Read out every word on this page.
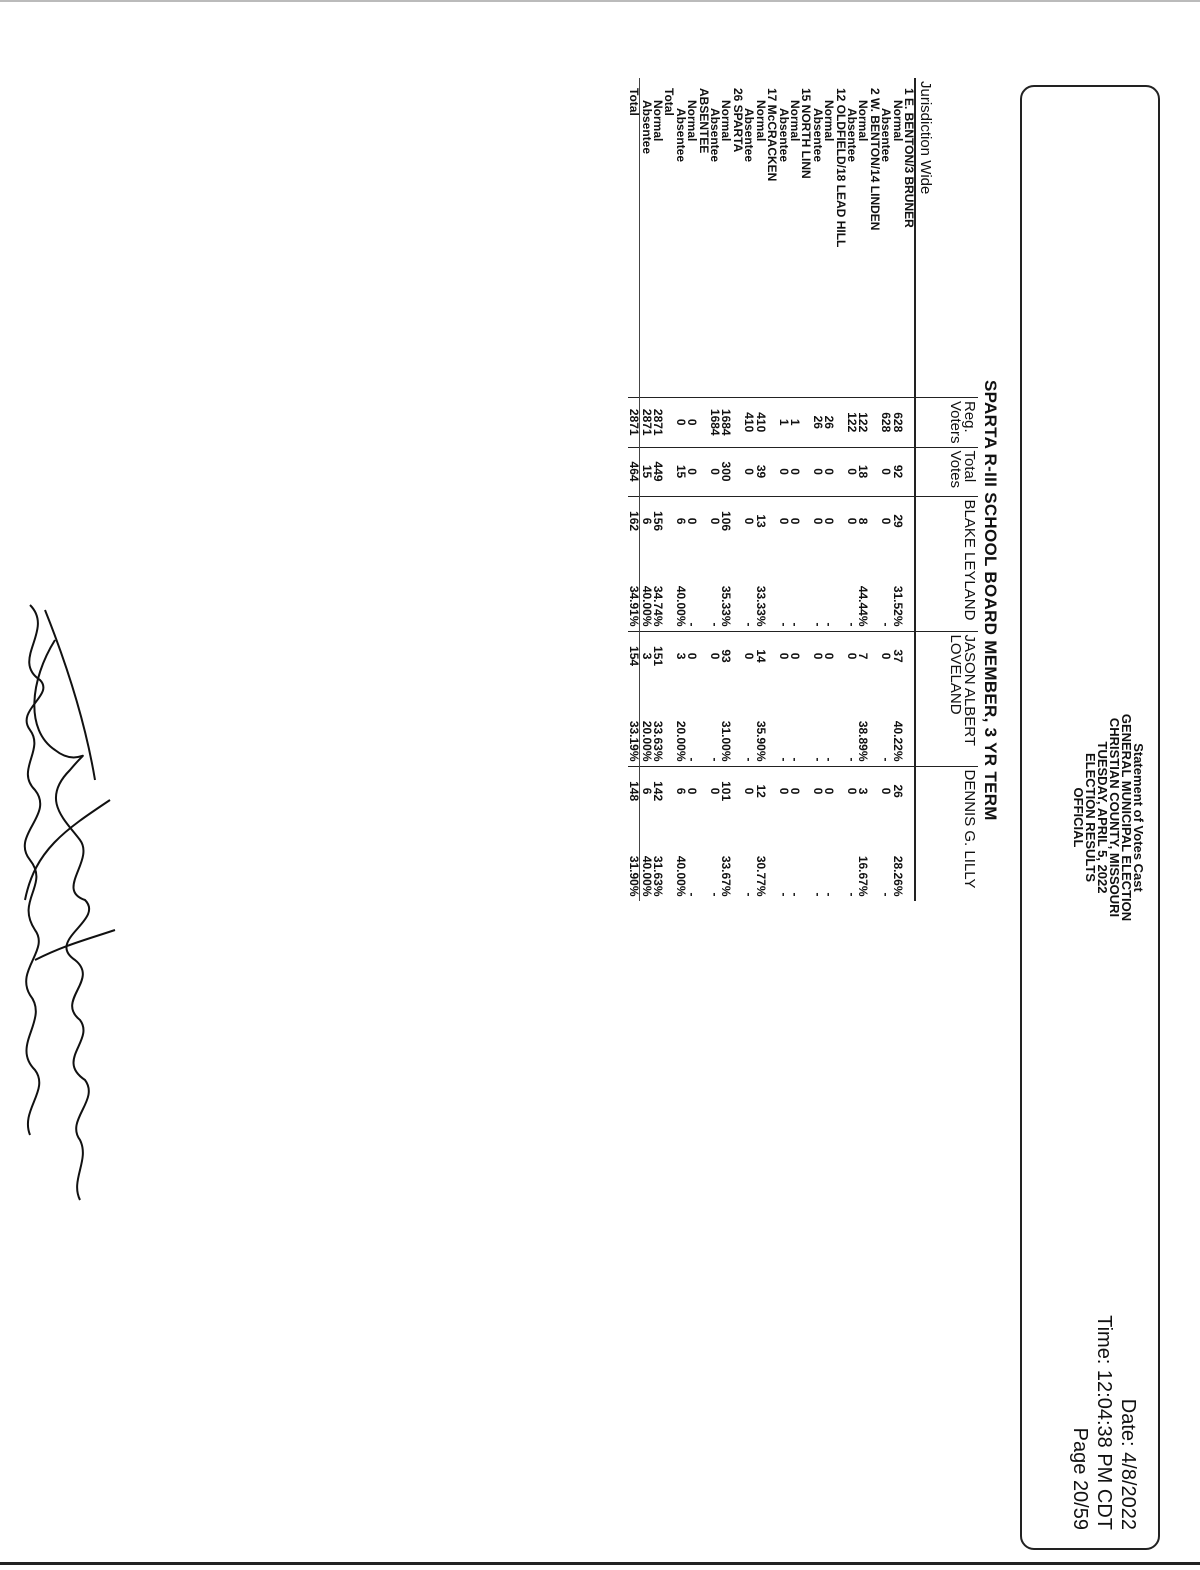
Statement of Votes Cast
GENERAL MUNICIPAL ELECTION
CHRISTIAN COUNTY, MISSOURI
TUESDAY, APRIL 5, 2022
ELECTION RESULTS
OFFICIAL
Date: 4/8/2022
Time: 12:04:38 PM CDT
Page 20/59
SPARTA R-III SCHOOL BOARD MEMBER, 3 YR TERM
Jurisdiction Wide	Reg. Voters	Total Votes	BLAKE LEYLAND		JASON ALBERT LOVELAND		DENNIS G. LILLY	
1 E. BENTON/3 BRUNER								
Normal	628	92	29	31.52%	37	40.22%	26	28.26%
Absentee	628	0	0	-	0	-	0	-
2 W. BENTON/14 LINDEN								
Normal	122	18	8	44.44%	7	38.89%	3	16.67%
Absentee	122	0	0	-	0	-	0	-
12 OLDFIELD/18 LEAD HILL								
Normal	26	0	0	-	0	-	0	-
Absentee	26	0	0	-	0	-	0	-
15 NORTH LINN								
Normal	1	0	0	-	0	-	0	-
Absentee	1	0	0	-	0	-	0	-
17 McCRACKEN								
Normal	410	39	13	33.33%	14	35.90%	12	30.77%
Absentee	410	0	0	-	0	-	0	-
26 SPARTA								
Normal	1684	300	106	35.33%	93	31.00%	101	33.67%
Absentee	1684	0	0	-	0	-	0	-
ABSENTEE								
Normal	0	0	0	-	0	-	0	-
Absentee	0	15	6	40.00%	3	20.00%	6	40.00%
Total								
Normal	2871	449	156	34.74%	151	33.63%	142	31.63%
Absentee	2871	15	6	40.00%	3	20.00%	6	40.00%
Total	2871	464	162	34.91%	154	33.19%	148	31.90%
